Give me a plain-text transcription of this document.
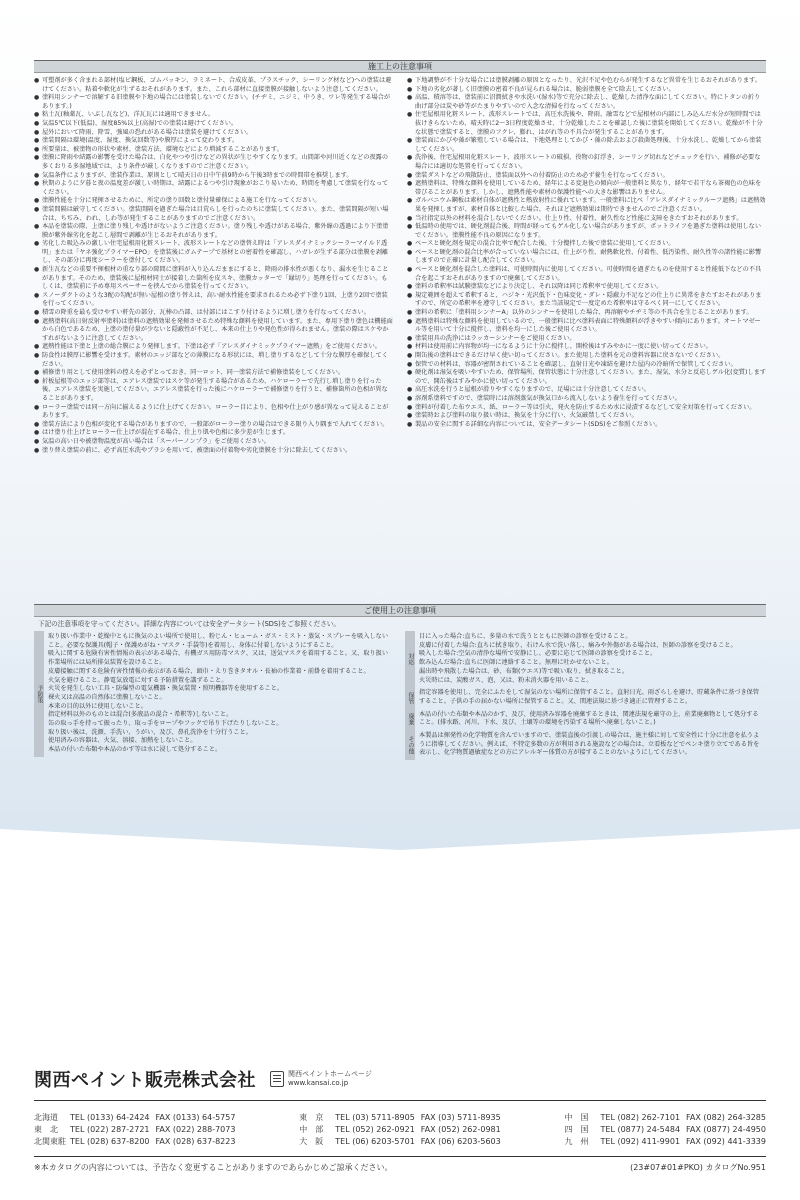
施工上の注意事項
● 可塑剤が多く含まれる部材(塩ビ鋼板、ゴムパッキン、ラミネート、合成皮革、プラスチック、シーリング材など)への塗装は避けてください。粘着や軟化が生ずるおそれがあります。また、これら部材に直接塗膜が接触しないよう注意してください。
● 塗料用シンナーで溶解する旧塗膜や下地の場合には塗装しないでください。(チヂミ、ニジミ、中うき、ワレ等発生する場合があります。)
● 粘土瓦(釉薬瓦、いぶし瓦など)、洋瓦瓦には適用できません。
● 気温5℃以下(低温)、湿度85%以上(高湿)での塗装は避けてください。
● 屋外において降雨、降雪、強風の恐れがある場合は塗装を避けてください。
● 塗装間隔は環境(温度、湿度、換気回数等)や膜厚によって変わります。
● 所要量は、被塗物の形状や素材、塗装方法、環境などにより増減することがあります。
● 塗膜に降雨や結露の影響を受けた場合は、白化やつや引けなどの異状が生じやすくなります。山間部や河川近くなどの夜露の多くおりる多湿地域では、より条件が厳しくなりますのでご注意ください。
● 気温条件によりますが、塗装作業は、原則として晴天日の日中午前9時から午後3時までの時間帯を推奨します。
● 秋期のように夕暮と夜の温度差が激しい時期は、結露によるつや引け現象がおこり易いため、時間を考慮して塗装を行なってください。
● 塗膜性能を十分に発揮させるために、所定の塗り回数と塗付量確保による施工を行なってください。
● 塗装間隔は厳守してください。塗装間隔を過ぎた場合は目荒らしを行ったのちに塗装してください。また、塗装間隔が短い場合は、ちぢみ、われ、しわ等が発生することがありますのでご注意ください。
● 本品を塗装の際、上塗に塗り残しや透けがないようご注意ください。塗り残しや透けがある場合、紫外線の透過により下塗塗膜が紫外線劣化を起こし層間で剥離が生じるおそれがあります。
● 劣化した吸込みの激しい住宅屋根用化粧スレート、波形スレートなどの塗替え時は「アレスダイナミックシーラーマイルド透明」または「ヤネ強化プライマーEPO」を塗装後にガムテープで基材との密着性を確認し、ハガレが生ずる部分は塗膜を剥離し、その部分に再度シーラーを塗付してください。
● 新生瓦などの重要不揮根材の重なり部の隙間に塗料が入り込んだままにすると、降雨の排水性が悪くなり、漏水を生じることがあります。そのため、塗装後に屋根材同士が接着した箇所を皮スキ、塗膜カッターで「縁切り」処理を行ってください。もしくは、塗装前に予め専用スペーサーを挟んでから塗装を行ってください。
● スノーダクトのような3配の勾配が無い屋根の塗り替えは、高い耐水性能を要求されるため必ず下塗り1回、上塗り2回で塗装を行ってください。
● 積雪の降重を最も受けやすい軒先の部分、瓦棒の凸部、は付部にはこすり付けるように増し塗りを行なってください。
● 遮熱塗料(高日射反射率塗料)は塗料の遮熱効果を発揮させるため特殊な顔料を使用しています。また、専用下塗り塗色は機能面から白色であるため、上塗の塗付量が少ないと隠蔽性が不足し、本来の仕上りや発色性が得られません。塗装の際はスケやかすれがないように注意してください。
● 遮熱性能は下塗と上塗の総合膜により発揮します。下塗は必ず「アレスダイナミックプライマー遮熱」をご使用ください。
● 防食性は膜厚に影響を受けます。素材のエッジ部などの薄膜になる形状には、増し塗りするなどして十分な膜厚を確保してください。
● 補修塗り用として使用塗料の控えを必ずとっておき、同一ロット、同一塗装方法で補修塗装をしてください。
● 折板屋根等のエッジ部等は、エアレス塗装ではスケ等が発生する場合があるため、ハケローラーで先行し増し塗りを行った後、エアレス塗装を実施してください。エアレス塗装を行った後にハケローラーで補修塗りを行うと、補修箇所の色相が異なることがあります。
● ローラー塗装では同一方向に揃えるように仕上げてください。ローラー目により、色相や仕上がり感が異なって見えることがあります。
● 塗装方法により色相が変化する場合がありますので、一般部がローラー塗りの場合はできる限り入り隅まで入れてください。
● はけ塗り仕上げとローラー仕上げが混在する場合、仕上り肌や色相に多少差が生じます。
● 気温の高い日や被塗物温度が高い場合は「スーパーノンプラ」をご使用ください。
● 塗り替え塗装の前に、必ず高圧水洗やブラシを用いて、被塗面の付着物や劣化塗膜を十分に除去してください。
● 下地調整が不十分な場合には塗膜剥離の原因となったり、光沢不足や色むらが発生するなど異常を生じるおそれがあります。
● 下地の劣化が著しく旧塗膜の密着不良が見られる場合は、脆弱塗膜を全て除去してください。
● 高温、積溶等は、塗装前に沼潤拭きや水洗い(湿水)等で充分に除去し、乾燥した清浄な面にしてください。特にトタンの折り曲げ部分は炭や砂等がたまりやすいので入念な清掃を行なってください。
● 住宅屋根用化粧スレート、波形スレートでは、高圧水洗後や、降雨、融雪などで屋根材の内部にしみ込んだ水分が短時間では抜けきらないため、晴天時に2〜3日程度乾燥させ、十分乾燥したことを確認した後に塗装を開始してください。乾燥が不十分な状態で塗装すると、塗膜のフクレ、膨れ、はがれ等の不具合が発生することがあります。
● 塗装面にかびや藻が繁殖している場合は、下地処理としてかび・藻の除去および殺菌処理後、十分水洗し、乾燥してから塗装してください。
● 洗浄後、住宅屋根用化粧スレート、波形スレートの破損、役物の釘浮き、シーリング切れなどチェックを行い、補修が必要な場合には適切な処置を行ってください。
● 塗装ダストなどの飛散防止、塗装面以外への付着防止のため必ず養生を行なってください。
● 遮熱塗料は、特殊な顔料を使用しているため、経年による変退色の傾向が一般塗料と異なり、経年で若干なら茶褐色の色味を帯びることがあります。しかし、遮熱性能や素材の保護性能への大きな影響はありません。
● ガルバニウム鋼板は素材自体が遮熱性と熱放射性に優れています。一般塗料に比べ「アレスダイナミックルーフ遮熱」は遮熱効果を発揮しますが、素材自体と比較した場合、それほど遮熱効果は期待できませんのでご注意ください。
● 当社指定以外の材料を混合しないでください。仕上り性、付着性、耐久性など性能に支障をきたすおそれがあります。
● 低温時の使用では、硬化剤混合後、時間が経ってもゲル化しない場合がありますが、ポットライフを過ぎた塗料は使用しないでください。塗膜性能不良の原因になります。
● ベースと硬化剤を規定の混合比率で配合した後、十分攪拌した後で塗装に使用してください。
● ベースと硬化剤の混合比率が合っていない場合には、仕上がり性、耐熱軟化性、付着性、低汚染性、耐久性等の諸性能に影響しますので正確に計量し配合してください。
● ベースと硬化剤を混合した塗料は、可使時間内に使用してください。可使時間を過ぎたものを使用すると性能低下などの不具合を起こすおそれがありますので廃棄してください。
● 塗料の希釈率は試験塗装などにより決定し、それ以降は同じ希釈率で使用してください。
● 規定範囲を超えて希釈すると、ハジキ・光沢低下・色味変化・ダレ・隠蔽力不足などの仕上りに異常をきたすおそれがありますので、所定の希釈率を遵守してください。また当該規定で一度定めた希釈率は守るべく同一にしてください。
● 塗料の希釈に「塗料用シンナーA」以外のシンナーを使用した場合、再溶解やチヂミ等の不具合を生じることがあります。
● 遮熱塗料は特殊な顔料を使用しているので、一般塗料に比べ塗料表面に特殊顔料が浮きやすい傾向にあります。オートマゼール等を用いて十分に撹拌し、塗料を均一にした後ご使用ください。
● 塗装用具の洗浄にはラッカーシンナーをご使用ください。
● 材料は使用前に内容物が均一になるように十分に撹拌し、開栓後はすみやかに一度に使い切ってください。
● 開缶後の塗料はできるだけ早く使い切ってください。また使用した塗料を元の塗料容器に戻さないでください。
● 保管での材料は、容器が密閉されていることを確認し、直射日光や凍結を避けた屋内の冷暗所で保管してください。
● 硬化剤は湿気を吸いやすいため、保管場所、保管状態に十分注意してください。また、湿気、水分と反応しゲル化(変質)しますので、開缶後はすみやかに使い切ってください。
● 高圧水洗を行うと屋根が滑りやすくなりますので、足場には十分注意してください。
● 溶剤系塗料ですので、塗装時には溶剤蒸気が換気口から流入しないよう養生を行ってください。
● 塗料が付着した布ウエス、紙、ローラー等は引火、発火を防止するため水に浸漬するなどして安全対策を行ってください。
● 塗装時および塗料の取り扱い時は、換気を十分に行い、火気厳禁してください。
● 製品の安全に関する詳細な内容については、安全データシート(SDS)をご参照ください。
ご使用上の注意事項
下記の注意事項を守ってください。詳細な内容については安全データシート(SDS)をご参照ください。
予防策

取り扱い作業中・乾燥中ともに換気のよい場所で使用し、粉じん・ヒューム・ガス・ミスト・蒸気・スプレーを吸入しないこと。必要な保護具(帽子・保護めがね・マスク・手袋等)を着用し、身体に付着しないようにすること。

吸入に関する危険有害性情報の表示がある場合、有機ガス用防毒マスク、又は、送気マスクを着用すること。又、取り扱い作業場所には局所排気装置を設けること。

皮膚接触に関する危険有害性情報の表示がある場合、頭巾・えり巻きタオル・長袖の作業着・前掛を着用すること。

火気を避けること。静電気放電に対する予防措置を講ずること。

火災を発生しない工具・防爆型の電気機器・換気装置・照明機器等を使用すること。

裸火又は高温の自然体に塗膜しないこと。

本来の目的以外に使用しないこと。

指定材料以外のものとは混合(多液品の混合・希釈等)しないこと。

缶の取っ手を持って振ったり、取っ手をロープやフックで吊り下げたりしないこと。

取り扱い後は、洗顔、手洗い、うがい、及び、鼻孔洗浄を十分行うこと。

使用済みの容器は、火気、溶接、加熱をしないこと。

本品の付いた布類や本品のかす等は水に浸して処分すること。

対応

目に入った場合:直ちに、多量の水で洗うとともに医師の診察を受けること。

皮膚に付着した場合:直ちに拭き取り、石けん水で洗い落し、痛みや外傷がある場合は、医師の診察を受けること。

吸入した場合:空気の清浄な場所で安静にし、必要に応じて医師の診察を受けること。

飲み込んだ場合:直ちに医師に連絡すること。無理に吐かせないこと。

漏出時や飛散した場合は、砂、布類(ウエス)等で吸い取り、拭き取ること。

火災時には、炭酸ガス、泡、又は、粉末消火器を用いること。

保管 指定容器を使用し、完全にふたをして湿気のない場所に保管すること。直射日光、雨ざらしを避け、貯蔵条件に基づき保管すること。子供の手の届かない場所に保管すること。又、関連法規に基づき適正に管理すること。

廃棄 本品の付いた布類や本品のかす、及び、使用済み容器を廃棄するときは、関連法規を厳守の上、産業廃棄物として処分すること。(排水路、河川、下水、及び、土壌等の環境を汚染する場所へ廃棄しないこと。)

その他

本製品は揮発性の化学物質を含んでいますので、塗装直後の引渡しの場合は、施主様に対して安全性に十分に注意を払うように指導してください。例えば、不特定多数の方が利用される施設などの場合は、立看板などでペンキ塗り立てである旨を表示し、化学物質過敏症などの方にアレルギー体質の方が接することのないようにしてください。

関西ペイント販売株式会社	関西ペイントホームページ
www.kansai.co.jp
北海道	TEL (0133) 64-2424 FAX (0133) 64-5757
東　北	TEL (022) 287-2721 FAX (022) 288-7073
北関東駐 TEL (028) 637-8200 FAX (028) 637-8223
東　京	TEL (03) 5711-8905 FAX (03) 5711-8935
中　部	TEL (052) 262-0921 FAX (052) 262-0981
大　阪	TEL (06) 6203-5701 FAX (06) 6203-5603
中　国	TEL (082) 262-7101 FAX (082) 264-3285
四　国	TEL (0877) 24-5484 FAX (0877) 24-4950
九　州	TEL (092) 411-9901 FAX (092) 441-3339
※本カタログの内容については、予告なく変更することがありますのであらかじめご諒承ください。	(23#07#01#PKO) カタログNo.951
